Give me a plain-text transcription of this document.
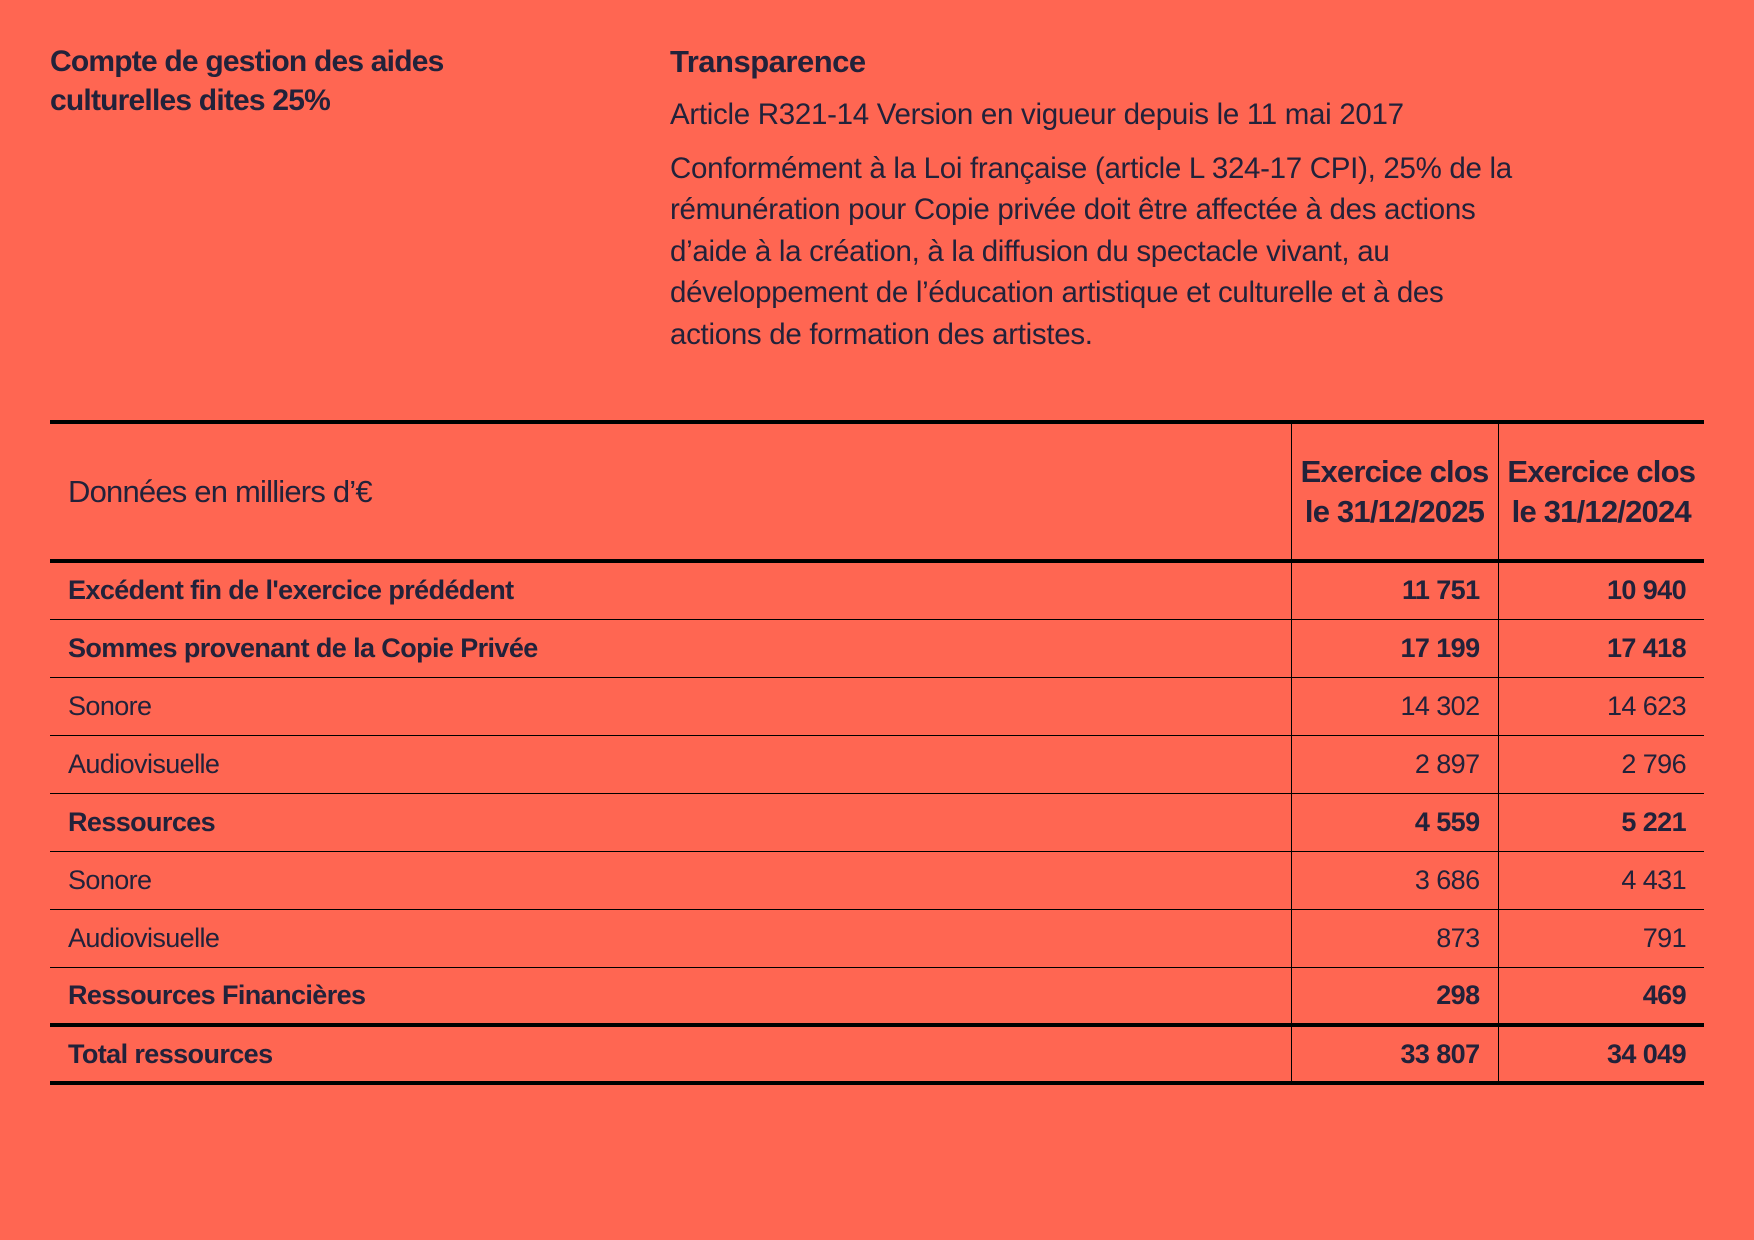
Compte de gestion des aides culturelles dites 25%
Transparence

Article R321-14 Version en vigueur depuis le 11 mai 2017

Conformément à la Loi française (article L 324-17 CPI), 25% de la rémunération pour Copie privée doit être affectée à des actions d’aide à la création, à la diffusion du spectacle vivant, au développement de l’éducation artistique et culturelle et à des actions de formation des artistes.

Données en milliers d’€	Exercice clos le 31/12/2025	Exercice clos le 31/12/2024
Excédent fin de l'exercice prédédent	11 751	10 940
Sommes provenant de la Copie Privée	17 199	17 418
Sonore	14 302	14 623
Audiovisuelle	2 897	2 796
Ressources	4 559	5 221
Sonore	3 686	4 431
Audiovisuelle	873	791
Ressources Financières	298	469
Total ressources	33 807	34 049
